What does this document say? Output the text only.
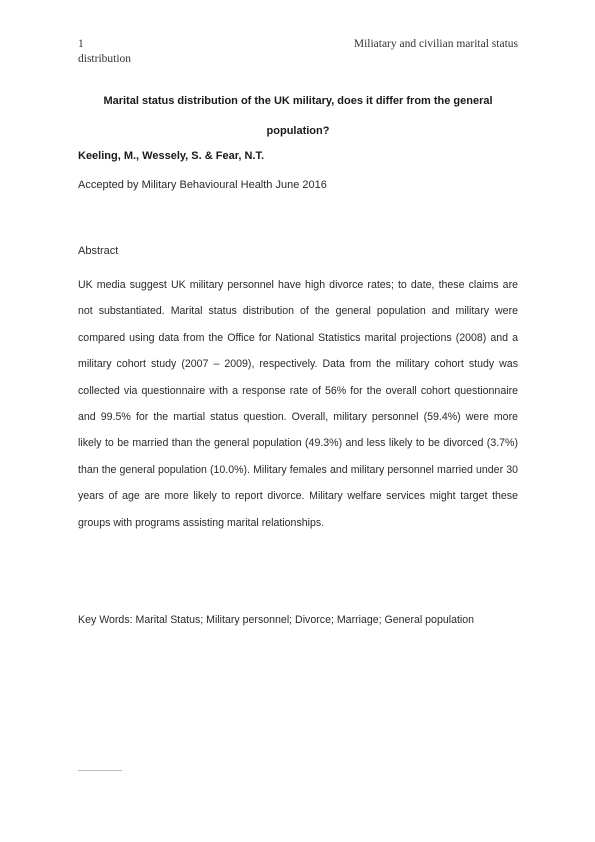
1	Miliatary and civilian marital status
distribution
Marital status distribution of the UK military, does it differ from the general population?
Keeling, M., Wessely, S. & Fear, N.T.
Accepted by Military Behavioural Health June 2016
Abstract
UK media suggest UK military personnel have high divorce rates; to date, these claims are not substantiated. Marital status distribution of the general population and military were compared using data from the Office for National Statistics marital projections (2008) and a military cohort study (2007 – 2009), respectively. Data from the military cohort study was collected via questionnaire with a response rate of 56% for the overall cohort questionnaire and 99.5% for the martial status question. Overall, military personnel (59.4%) were more likely to be married than the general population (49.3%) and less likely to be divorced (3.7%) than the general population (10.0%). Military females and military personnel married under 30 years of age are more likely to report divorce. Military welfare services might target these groups with programs assisting marital relationships.
Key Words: Marital Status; Military personnel; Divorce; Marriage; General population
